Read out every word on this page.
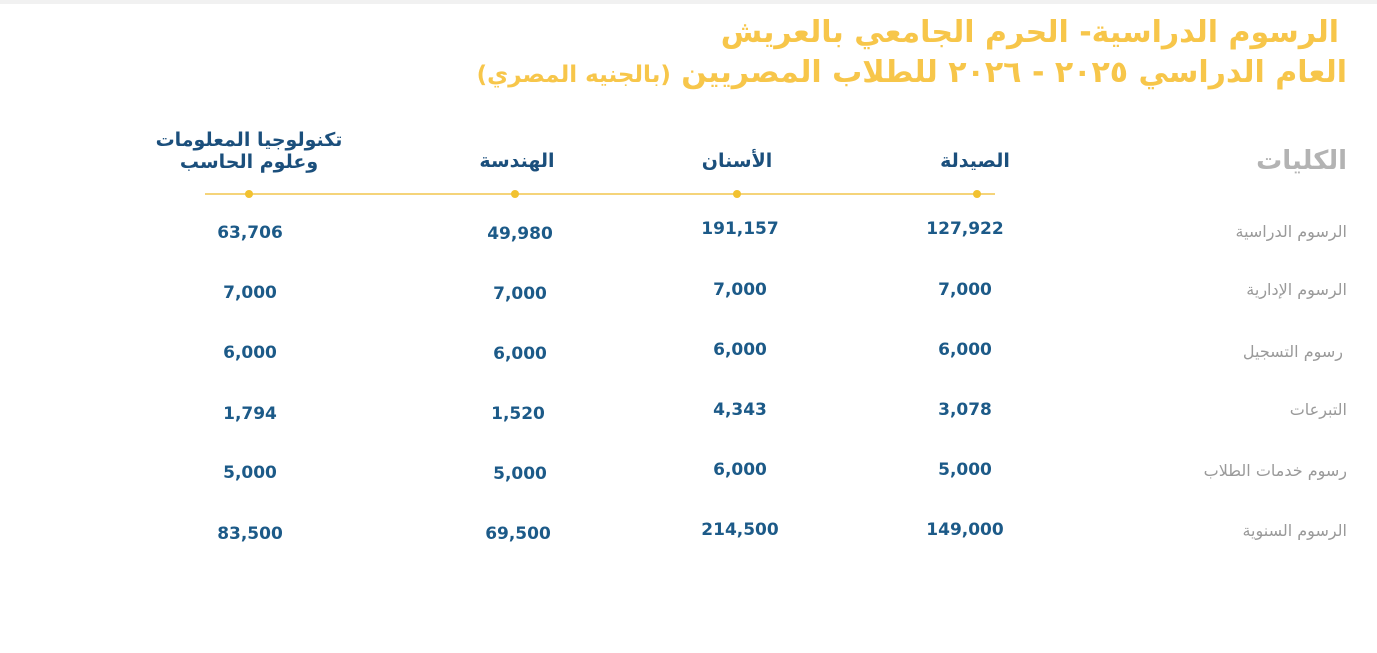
الرسوم الدراسية- الحرم الجامعي بالعريش
العام الدراسي ٢٠٢٥ - ٢٠٢٦ للطلاب المصريين (بالجنيه المصري)
الكليات
الصيدلة
الأسنان
الهندسة
تكنولوجيا المعلومات وعلوم الحاسب
الرسوم الدراسية
الرسوم الإدارية
رسوم التسجيل
التبرعات
رسوم خدمات الطلاب
الرسوم السنوية
127,922
191,157
49,980
63,706
7,000
7,000
7,000
7,000
6,000
6,000
6,000
6,000
3,078
4,343
1,520
1,794
5,000
6,000
5,000
5,000
149,000
214,500
69,500
83,500
